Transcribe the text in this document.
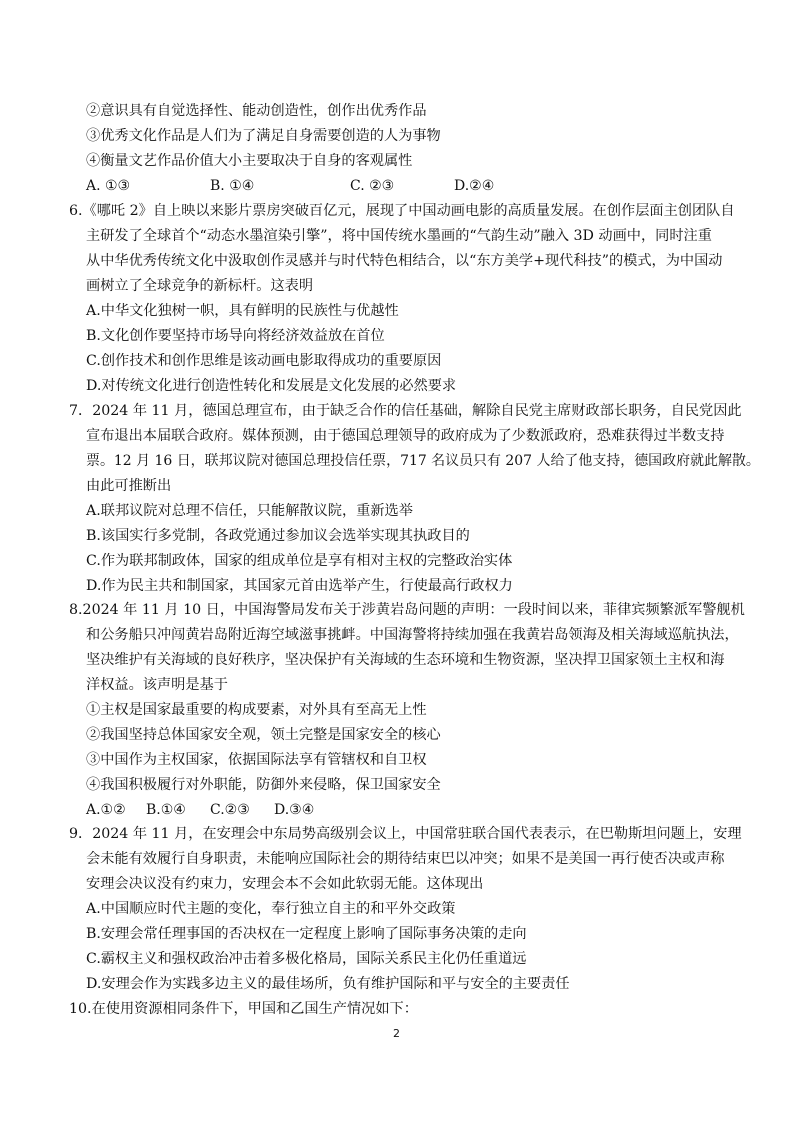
②意识具有自觉选择性、能动创造性，创作出优秀作品
③优秀文化作品是人们为了满足自身需要创造的人为事物
④衡量文艺作品价值大小主要取决于自身的客观属性
A. ①③	B. ①④	C. ②③	D.②④
6.《哪吒 2》自上映以来影片票房突破百亿元，展现了中国动画电影的高质量发展。在创作层面主创团队自
主研发了全球首个“动态水墨渲染引擎”，将中国传统水墨画的“气韵生动”融入 3D 动画中，同时注重
从中华优秀传统文化中汲取创作灵感并与时代特色相结合，以“东方美学+现代科技”的模式，为中国动
画树立了全球竞争的新标杆。这表明
A.中华文化独树一帜，具有鲜明的民族性与优越性
B.文化创作要坚持市场导向将经济效益放在首位
C.创作技术和创作思维是该动画电影取得成功的重要原因
D.对传统文化进行创造性转化和发展是文化发展的必然要求
7．2024 年 11 月，德国总理宣布，由于缺乏合作的信任基础，解除自民党主席财政部长职务，自民党因此
宣布退出本届联合政府。媒体预测，由于德国总理领导的政府成为了少数派政府，恐难获得过半数支持
票。12 月 16 日，联邦议院对德国总理投信任票，717 名议员只有 207 人给了他支持，德国政府就此解散。
由此可推断出
A.联邦议院对总理不信任，只能解散议院，重新选举
B.该国实行多党制，各政党通过参加议会选举实现其执政目的
C.作为联邦制政体，国家的组成单位是享有相对主权的完整政治实体
D.作为民主共和制国家，其国家元首由选举产生，行使最高行政权力
8.2024 年 11 月 10 日，中国海警局发布关于涉黄岩岛问题的声明：一段时间以来，菲律宾频繁派军警舰机
和公务船只冲闯黄岩岛附近海空域滋事挑衅。中国海警将持续加强在我黄岩岛领海及相关海域巡航执法，
坚决维护有关海域的良好秩序，坚决保护有关海域的生态环境和生物资源，坚决捍卫国家领土主权和海
洋权益。该声明是基于
①主权是国家最重要的构成要素，对外具有至高无上性
②我国坚持总体国家安全观，领土完整是国家安全的核心
③中国作为主权国家，依据国际法享有管辖权和自卫权
④我国积极履行对外职能，防御外来侵略，保卫国家安全
A.①② B.①④ C.②③ D.③④
9．2024 年 11 月，在安理会中东局势高级别会议上，中国常驻联合国代表表示，在巴勒斯坦问题上，安理
会未能有效履行自身职责，未能响应国际社会的期待结束巴以冲突；如果不是美国一再行使否决或声称
安理会决议没有约束力，安理会本不会如此软弱无能。这体现出
A.中国顺应时代主题的变化，奉行独立自主的和平外交政策
B.安理会常任理事国的否决权在一定程度上影响了国际事务决策的走向
C.霸权主义和强权政治冲击着多极化格局，国际关系民主化仍任重道远
D.安理会作为实践多边主义的最佳场所，负有维护国际和平与安全的主要责任
10.在使用资源相同条件下，甲国和乙国生产情况如下：
2
